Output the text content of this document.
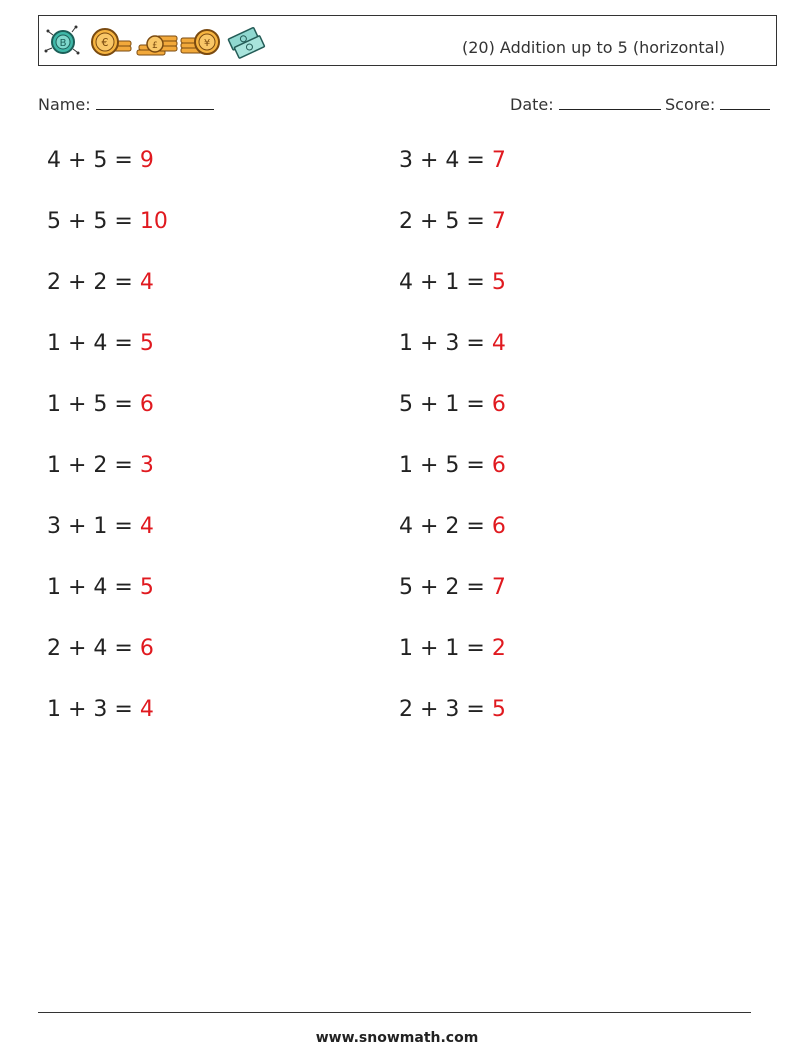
B	€	£	¥	(20) Addition up to 5 (horizontal)
Name:	Date:	Score:
4 + 5 = 9
5 + 5 = 10
2 + 2 = 4
1 + 4 = 5
1 + 5 = 6
1 + 2 = 3
3 + 1 = 4
1 + 4 = 5
2 + 4 = 6
1 + 3 = 4
3 + 4 = 7
2 + 5 = 7
4 + 1 = 5
1 + 3 = 4
5 + 1 = 6
1 + 5 = 6
4 + 2 = 6
5 + 2 = 7
1 + 1 = 2
2 + 3 = 5
www.snowmath.com
